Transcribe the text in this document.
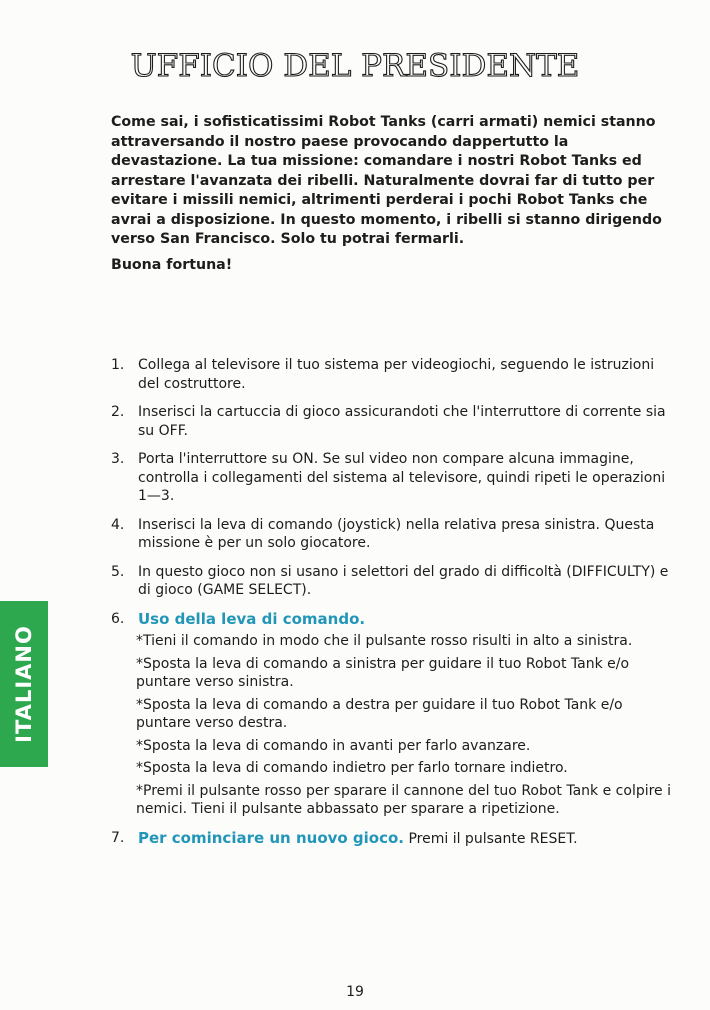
UFFICIO DEL PRESIDENTE

Come sai, i sofisticatissimi Robot Tanks (carri armati) nemici stanno attraversando il nostro paese provocando dappertutto la devastazione. La tua missione: comandare i nostri Robot Tanks ed arrestare l'avanzata dei ribelli. Naturalmente dovrai far di tutto per evitare i missili nemici, altrimenti perderai i pochi Robot Tanks che avrai a disposizione. In questo momento, i ribelli si stanno dirigendo verso San Francisco. Solo tu potrai fermarli.

Buona fortuna!

1. Collega al televisore il tuo sistema per videogiochi, seguendo le istruzioni del costruttore.
2. Inserisci la cartuccia di gioco assicurandoti che l'interruttore di corrente sia su OFF.
3. Porta l'interruttore su ON. Se sul video non compare alcuna immagine, controlla i collegamenti del sistema al televisore, quindi ripeti le operazioni 1—3.
4. Inserisci la leva di comando (joystick) nella relativa presa sinistra. Questa missione è per un solo giocatore.
5. In questo gioco non si usano i selettori del grado di difficoltà (DIFFICULTY) e di gioco (GAME SELECT).
6. Uso della leva di comando.
*Tieni il comando in modo che il pulsante rosso risulti in alto a sinistra.
*Sposta la leva di comando a sinistra per guidare il tuo Robot Tank e/o puntare verso sinistra.
*Sposta la leva di comando a destra per guidare il tuo Robot Tank e/o puntare verso destra.
*Sposta la leva di comando in avanti per farlo avanzare.
*Sposta la leva di comando indietro per farlo tornare indietro.
*Premi il pulsante rosso per sparare il cannone del tuo Robot Tank e colpire i nemici. Tieni il pulsante abbassato per sparare a ripetizione.
7. Per cominciare un nuovo gioco. Premi il pulsante RESET.
ITALIANO
19
